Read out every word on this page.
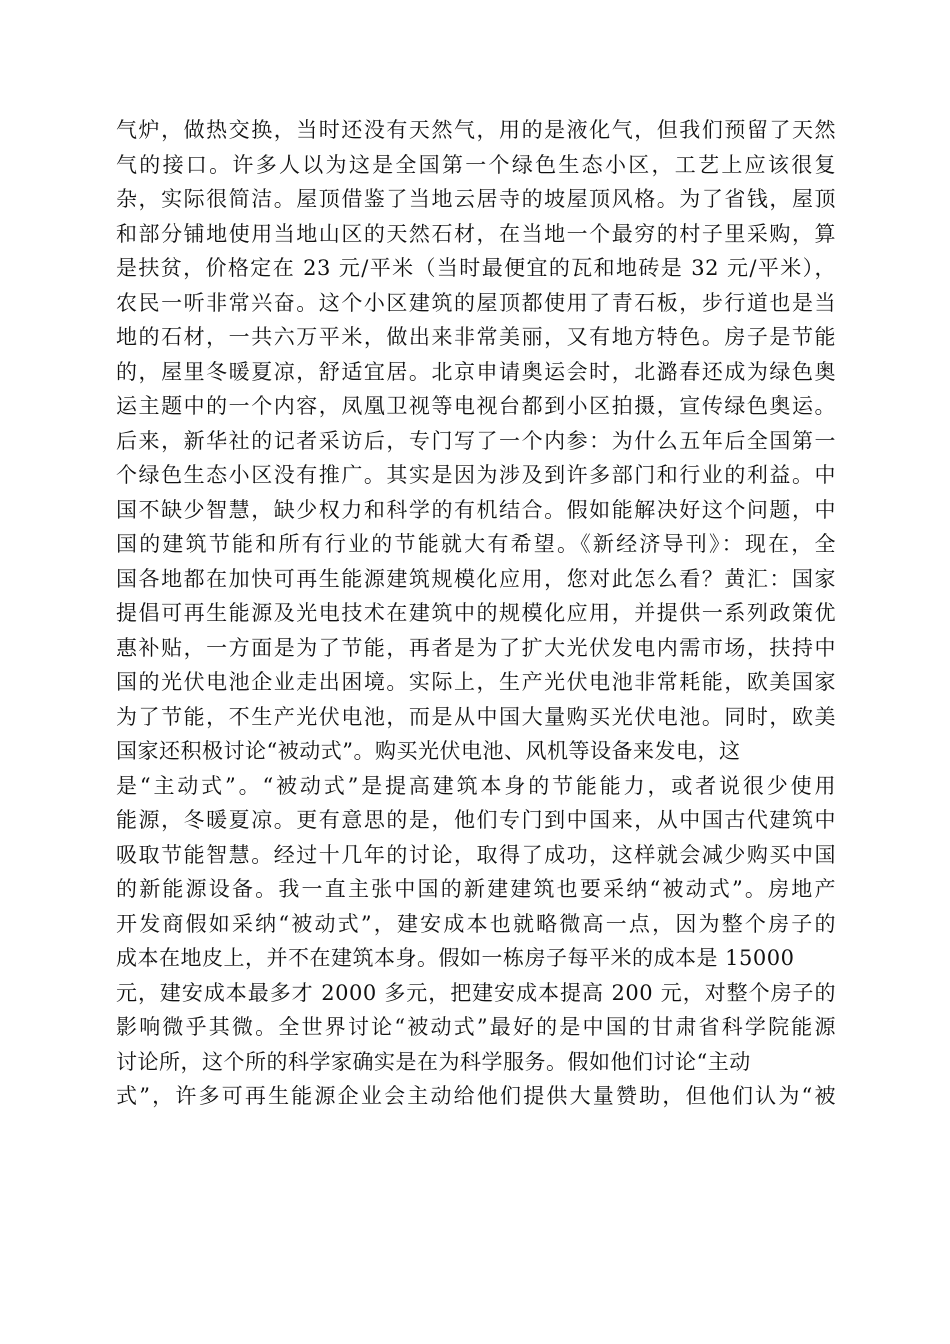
气炉，做热交换，当时还没有天然气，用的是液化气，但我们预留了天然
气的接口。许多人以为这是全国第一个绿色生态小区，工艺上应该很复
杂，实际很简洁。屋顶借鉴了当地云居寺的坡屋顶风格。为了省钱，屋顶
和部分铺地使用当地山区的天然石材，在当地一个最穷的村子里采购，算
是扶贫，价格定在 23 元/平米（当时最便宜的瓦和地砖是 32 元/平米），
农民一听非常兴奋。这个小区建筑的屋顶都使用了青石板，步行道也是当
地的石材，一共六万平米，做出来非常美丽，又有地方特色。房子是节能
的，屋里冬暖夏凉，舒适宜居。北京申请奥运会时，北潞春还成为绿色奥
运主题中的一个内容，凤凰卫视等电视台都到小区拍摄，宣传绿色奥运。
后来，新华社的记者采访后，专门写了一个内参：为什么五年后全国第一
个绿色生态小区没有推广。其实是因为涉及到许多部门和行业的利益。中
国不缺少智慧，缺少权力和科学的有机结合。假如能解决好这个问题，中
国的建筑节能和所有行业的节能就大有希望。《新经济导刊》：现在，全
国各地都在加快可再生能源建筑规模化应用，您对此怎么看？黄汇：国家
提倡可再生能源及光电技术在建筑中的规模化应用，并提供一系列政策优
惠补贴，一方面是为了节能，再者是为了扩大光伏发电内需市场，扶持中
国的光伏电池企业走出困境。实际上，生产光伏电池非常耗能，欧美国家
为了节能，不生产光伏电池，而是从中国大量购买光伏电池。同时，欧美
国家还积极讨论“被动式”。购买光伏电池、风机等设备来发电，这
是“主动式”。“被动式”是提高建筑本身的节能能力，或者说很少使用
能源，冬暖夏凉。更有意思的是，他们专门到中国来，从中国古代建筑中
吸取节能智慧。经过十几年的讨论，取得了成功，这样就会减少购买中国
的新能源设备。我一直主张中国的新建建筑也要采纳“被动式”。房地产
开发商假如采纳“被动式”，建安成本也就略微高一点，因为整个房子的
成本在地皮上，并不在建筑本身。假如一栋房子每平米的成本是 15000
元，建安成本最多才 2000 多元，把建安成本提高 200 元，对整个房子的
影响微乎其微。全世界讨论“被动式”最好的是中国的甘肃省科学院能源
讨论所，这个所的科学家确实是在为科学服务。假如他们讨论“主动
式”，许多可再生能源企业会主动给他们提供大量赞助，但他们认为“被
